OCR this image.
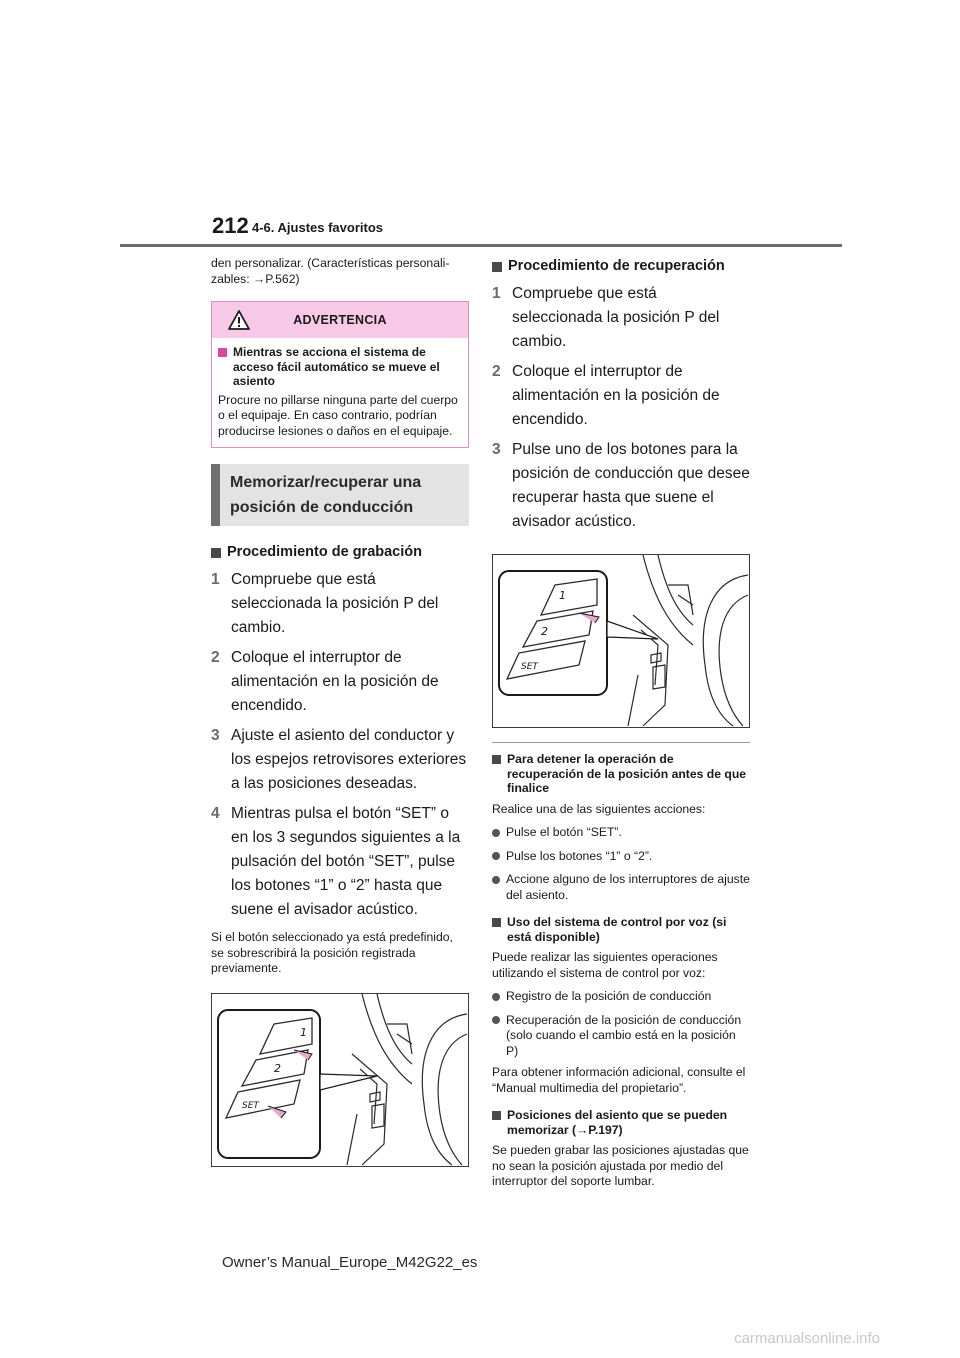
212 4-6. Ajustes favoritos

den personalizar. (Características personali-
zables: →P.562)

ADVERTENCIA
Mientras se acciona el sistema de acceso fácil automático se mueve el asiento

Procure no pillarse ninguna parte del cuerpo o el equipaje. En caso contrario, podrían producirse lesiones o daños en el equipaje.

Memorizar/recuperar una posición de conducción
Procedimiento de grabación
1 Compruebe que está seleccionada la posición P del cambio.
2 Coloque el interruptor de alimentación en la posición de encendido.
3 Ajuste el asiento del conductor y los espejos retrovisores exteriores a las posiciones deseadas.
4 Mientras pulsa el botón “SET” o en los 3 segundos siguientes a la pulsación del botón “SET”, pulse los botones “1” o “2” hasta que suene el avisador acústico.

Si el botón seleccionado ya está predefinido, se sobrescribirá la posición registrada previamente.

1
2
SET
Procedimiento de recuperación
1 Compruebe que está seleccionada la posición P del cambio.
2 Coloque el interruptor de alimentación en la posición de encendido.
3 Pulse uno de los botones para la posición de conducción que desee recuperar hasta que suene el avisador acústico.
1
2
SET
Para detener la operación de recuperación de la posición antes de que finalice

Realice una de las siguientes acciones:

Pulse el botón “SET”.
Pulse los botones “1” o “2”.
Accione alguno de los interruptores de ajuste del asiento.
Uso del sistema de control por voz (si está disponible)

Puede realizar las siguientes operaciones utilizando el sistema de control por voz:

Registro de la posición de conducción
Recuperación de la posición de conducción (solo cuando el cambio está en la posición P)

Para obtener información adicional, consulte el “Manual multimedia del propietario”.

Posiciones del asiento que se pueden memorizar (→P.197)

Se pueden grabar las posiciones ajustadas que no sean la posición ajustada por medio del interruptor del soporte lumbar.

Owner’s Manual_Europe_M42G22_es
carmanualsonline.info
